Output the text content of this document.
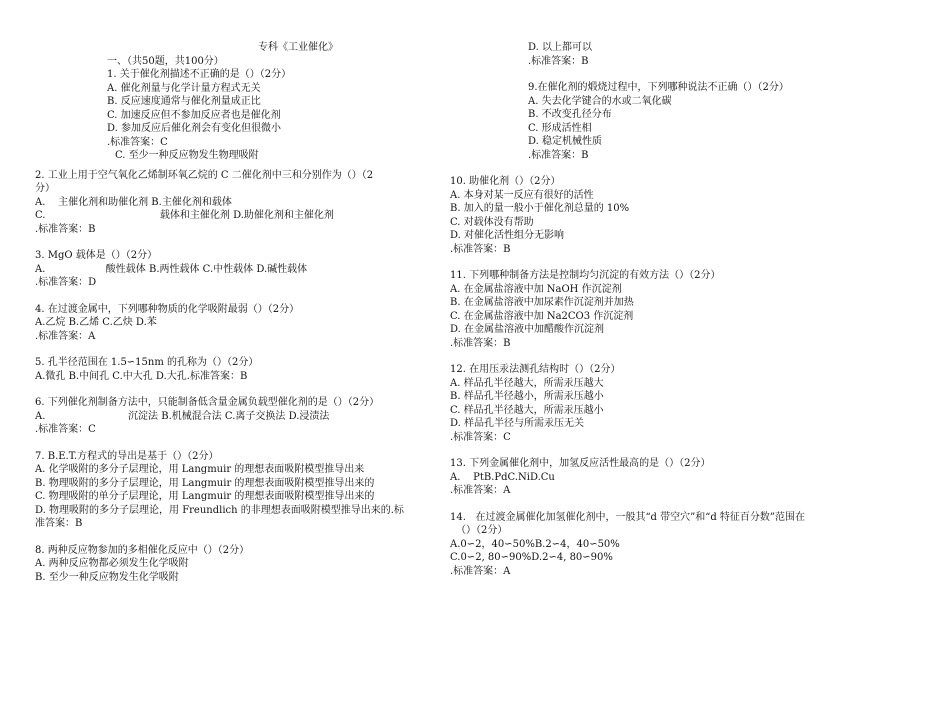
专科《工业催化》
一、（共50题，共100分）
1. 关于催化剂描述不正确的是（）（2分）
A. 催化剂量与化学计量方程式无关
B. 反应速度通常与催化剂量成正比
C. 加速反应但不参加反应者也是催化剂
D. 参加反应后催化剂会有变化但很微小
.标准答案：C
C. 至少一种反应物发生物理吸附
2. 工业上用于空气氧化乙烯制环氧乙烷的 C 二催化剂中三和分别作为（）（2
分）
A.    主催化剂和助催化剂 B.主催化剂和载体
C.                                    载体和主催化剂 D.助催化剂和主催化剂
.标准答案：B
3. MgO 载体是（）（2分）
A.                   酸性载体 B.两性载体 C.中性载体 D.碱性载体
.标准答案：D
4. 在过渡金属中，下列哪种物质的化学吸附最弱（）（2分）
A.乙烷 B.乙烯 C.乙炔 D.苯
.标准答案：A
5. 孔半径范围在 1.5∽15nm 的孔称为（）（2分）
A.微孔 B.中间孔 C.中大孔 D.大孔.标准答案：B
6. 下列催化剂制备方法中，只能制备低含量金属负载型催化剂的是（）（2分）
A.                          沉淀法 B.机械混合法 C.离子交换法 D.浸渍法
.标准答案：C
7. B.E.T.方程式的导出是基于（）（2分）
A. 化学吸附的多分子层理论，用 Langmuir 的理想表面吸附模型推导出来
B. 物理吸附的多分子层理论，用 Langmuir 的理想表面吸附模型推导出来的
C. 物理吸附的单分子层理论，用 Langmuir 的理想表面吸附模型推导出来的
D. 物理吸附的多分子层理论，用 Freundlich 的非理想表面吸附模型推导出来的.标
准答案：B
8. 两种反应物参加的多相催化反应中（）（2分）
A. 两种反应物都必须发生化学吸附
B. 至少一种反应物发生化学吸附
D. 以上都可以
.标准答案：B
9.在催化剂的煅烧过程中，下列哪种说法不正确（）（2分）
A. 失去化学键合的水或二氧化碳
B. 不改变孔径分布
C. 形成活性相
D. 稳定机械性质
.标准答案：B
10. 助催化剂（）（2分）
A. 本身对某一反应有很好的活性
B. 加入的量一般小于催化剂总量的 10%
C. 对载体没有帮助
D. 对催化活性组分无影响
.标准答案：B
11. 下列哪种制备方法是控制均匀沉淀的有效方法（）（2分）
A. 在金属盐溶液中加 NaOH 作沉淀剂
B. 在金属盐溶液中加尿素作沉淀剂并加热
C. 在金属盐溶液中加 Na2CO3 作沉淀剂
D. 在金属盐溶液中加醋酸作沉淀剂
.标准答案：B
12. 在用压汞法测孔结构时（）（2分）
A. 样品孔半径越大，所需汞压越大
B. 样品孔半径越小，所需汞压越小
C. 样品孔半径越大，所需汞压越小
D. 样品孔半径与所需汞压无关
.标准答案：C
13. 下列金属催化剂中，加氢反应活性最高的是（）（2分）
A.    PtB.PdC.NiD.Cu
.标准答案：A
14.   在过渡金属催化加氢催化剂中，一般其“d 带空穴”和“d 特征百分数”范围在
（）（2分）
A.0∽2，40∽50%B.2∽4，40∽50%
C.0∽2, 80∽90%D.2∽4, 80∽90%
.标准答案：A
